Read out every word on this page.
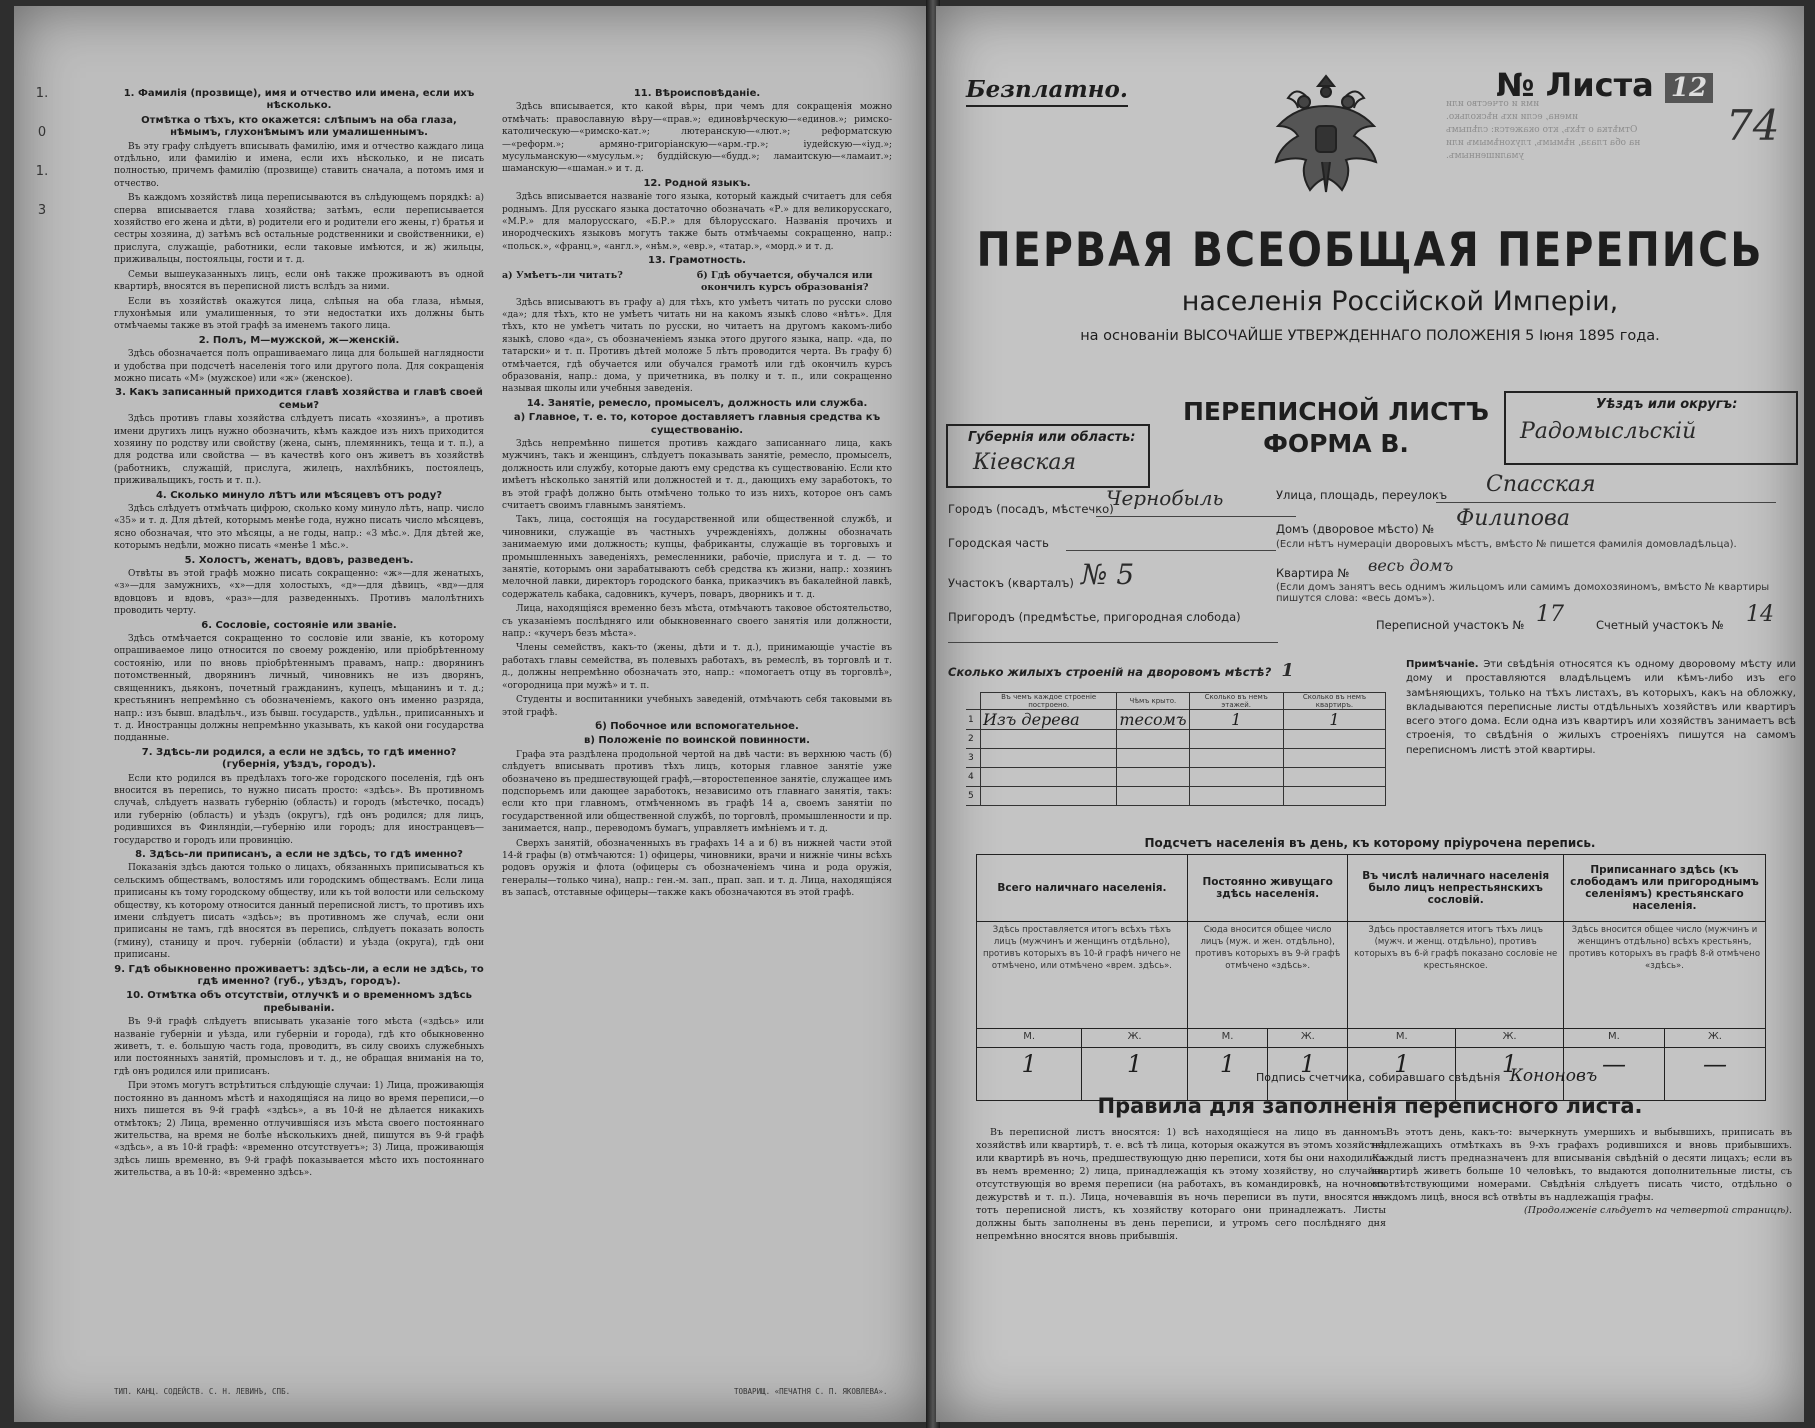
1.
0
1.
3
1. Фамилія (прозвище), имя и отчество или имена, если ихъ нѣсколько.
Отмѣтка о тѣхъ, кто окажется: слѣпымъ на оба глаза, нѣмымъ, глухонѣмымъ или умалишеннымъ.

Въ эту графу слѣдуетъ вписывать фамилію, имя и отчество каждаго лица отдѣльно, или фамилію и имена, если ихъ нѣсколько, и не писать полностью, причемъ фамилію (прозвище) ставить сначала, а потомъ имя и отчество.

Въ каждомъ хозяйствѣ лица переписываются въ слѣдующемъ порядкѣ: а) сперва вписывается глава хозяйства; затѣмъ, если переписывается хозяйство его жена и дѣти, в) родители его и родители его жены, г) братья и сестры хозяина, д) затѣмъ всѣ остальные родственники и свойственники, е) прислуга, служащіе, работники, если таковые имѣются, и ж) жильцы, приживальцы, постояльцы, гости и т. д.

Семьи вышеуказанныхъ лицъ, если онѣ также проживаютъ въ одной квартирѣ, вносятся въ переписной листъ вслѣдъ за ними.

Если въ хозяйствѣ окажутся лица, слѣпыя на оба глаза, нѣмыя, глухонѣмыя или умалишенныя, то эти недостатки ихъ должны быть отмѣчаемы также въ этой графѣ за именемъ такого лица.

2. Полъ, М—мужской, ж—женскій.

Здѣсь обозначается полъ опрашиваемаго лица для большей наглядности и удобства при подсчетѣ населенія того или другого пола. Для сокращенія можно писать «М» (мужское) или «ж» (женское).

3. Какъ записанный приходится главѣ хозяйства и главѣ своей семьи?

Здѣсь противъ главы хозяйства слѣдуетъ писать «хозяинъ», а противъ имени другихъ лицъ нужно обозначить, кѣмъ каждое изъ нихъ приходится хозяину по родству или свойству (жена, сынъ, племянникъ, теща и т. п.), а для родства или свойства — въ качествѣ кого онъ живетъ въ хозяйствѣ (работникъ, служащій, прислуга, жилецъ, нахлѣбникъ, постоялецъ, приживальщикъ, гость и т. п.).

4. Сколько минуло лѣтъ или мѣсяцевъ отъ роду?

Здѣсь слѣдуетъ отмѣчать цифрою, сколько кому минуло лѣтъ, напр. число «35» и т. д. Для дѣтей, которымъ менѣе года, нужно писать число мѣсяцевъ, ясно обозначая, что это мѣсяцы, а не годы, напр.: «3 мѣс.». Для дѣтей же, которымъ недѣли, можно писать «менѣе 1 мѣс.».

5. Холостъ, женатъ, вдовъ, разведенъ.

Отвѣты въ этой графѣ можно писать сокращенно: «ж»—для женатыхъ, «з»—для замужнихъ, «х»—для холостыхъ, «д»—для дѣвицъ, «вд»—для вдовцовъ и вдовъ, «раз»—для разведенныхъ. Противъ малолѣтнихъ проводить черту.

6. Сословіе, состояніе или званіе.

Здѣсь отмѣчается сокращенно то сословіе или званіе, къ которому опрашиваемое лицо относится по своему рожденію, или пріобрѣтенному состоянію, или по вновь пріобрѣтеннымъ правамъ, напр.: дворянинъ потомственный, дворянинъ личный, чиновникъ не изъ дворянъ, священникъ, дьяконъ, почетный гражданинъ, купецъ, мѣщанинъ и т. д.; крестьянинъ непремѣнно съ обозначеніемъ, какого онъ именно разряда, напр.: изъ бывш. владѣльч., изъ бывш. государств., удѣльн., приписанныхъ и т. д. Иностранцы должны непремѣнно указывать, къ какой они государства подданные.

7. Здѣсь-ли родился, а если не здѣсь, то гдѣ именно? (губернія, уѣздъ, городъ).

Если кто родился въ предѣлахъ того-же городского поселенія, гдѣ онъ вносится въ перепись, то нужно писать просто: «здѣсь». Въ противномъ случаѣ, слѣдуетъ назвать губернію (область) и городъ (мѣстечко, посадъ) или губернію (область) и уѣздъ (округъ), гдѣ онъ родился; для лицъ, родившихся въ Финляндіи,—губернію или городъ; для иностранцевъ—государство и городъ или провинцію.

8. Здѣсь-ли приписанъ, а если не здѣсь, то гдѣ именно?

Показанія здѣсь даются только о лицахъ, обязанныхъ приписываться къ сельскимъ обществамъ, волостямъ или городскимъ обществамъ. Если лица приписаны къ тому городскому обществу, или къ той волости или сельскому обществу, къ которому относится данный переписной листъ, то противъ ихъ имени слѣдуетъ писать «здѣсь»; въ противномъ же случаѣ, если они приписаны не тамъ, гдѣ вносятся въ перепись, слѣдуетъ показать волость (гмину), станицу и проч. губерніи (области) и уѣзда (округа), гдѣ они приписаны.

9. Гдѣ обыкновенно проживаетъ: здѣсь-ли, а если не здѣсь, то гдѣ именно? (губ., уѣздъ, городъ).
10. Отмѣтка объ отсутствіи, отлучкѣ и о временномъ здѣсь пребываніи.

Въ 9-й графѣ слѣдуетъ вписывать указаніе того мѣста («здѣсь» или названіе губерніи и уѣзда, или губерніи и города), гдѣ кто обыкновенно живетъ, т. е. большую часть года, проводитъ, въ силу своихъ служебныхъ или постоянныхъ занятій, промысловъ и т. д., не обращая вниманія на то, гдѣ онъ родился или приписанъ.

При этомъ могутъ встрѣтиться слѣдующіе случаи: 1) Лица, проживающія постоянно въ данномъ мѣстѣ и находящіяся на лицо во время переписи,—о нихъ пишется въ 9-й графѣ «здѣсь», а въ 10-й не дѣлается никакихъ отмѣтокъ; 2) Лица, временно отлучившіяся изъ мѣста своего постояннаго жительства, на время не болѣе нѣсколькихъ дней, пишутся въ 9-й графѣ «здѣсь», а въ 10-й графѣ: «временно отсутствуетъ»; 3) Лица, проживающія здѣсь лишь временно, въ 9-й графѣ показывается мѣсто ихъ постояннаго жительства, а въ 10-й: «временно здѣсь».

11. Вѣроисповѣданіе.

Здѣсь вписывается, кто какой вѣры, при чемъ для сокращенія можно отмѣчать: православную вѣру—«прав.»; единовѣрческую—«единов.»; римско-католическую—«римско-кат.»; лютеранскую—«лют.»; реформатскую—«реформ.»; армяно-григоріанскую—«арм.-гр.»; іудейскую—«іуд.»; мусульманскую—«мусульм.»; буддійскую—«будд.»; ламаитскую—«ламаит.»; шаманскую—«шаман.» и т. д.

12. Родной языкъ.

Здѣсь вписывается названіе того языка, который каждый считаетъ для себя роднымъ. Для русскаго языка достаточно обозначать «Р.» для великорусскаго, «М.Р.» для малорусскаго, «Б.Р.» для бѣлорусскаго. Названія прочихъ и инородческихъ языковъ могутъ также быть отмѣчаемы сокращенно, напр.: «польск.», «франц.», «англ.», «нѣм.», «евр.», «татар.», «морд.» и т. д.

13. Грамотность.
а) Умѣетъ-ли читать?	б) Гдѣ обучается, обучался или окончилъ курсъ образованія?

Здѣсь вписываютъ въ графу а) для тѣхъ, кто умѣетъ читать по русски слово «да»; для тѣхъ, кто не умѣетъ читать ни на какомъ языкѣ слово «нѣтъ». Для тѣхъ, кто не умѣетъ читать по русски, но читаетъ на другомъ какомъ-либо языкѣ, слово «да», съ обозначеніемъ языка этого другого языка, напр. «да, по татарски» и т. п. Противъ дѣтей моложе 5 лѣтъ проводится черта. Въ графу б) отмѣчается, гдѣ обучается или обучался грамотѣ или гдѣ окончилъ курсъ образованія, напр.: дома, у причетника, въ полку и т. п., или сокращенно называя школы или учебныя заведенія.

14. Занятіе, ремесло, промыселъ, должность или служба.
а) Главное, т. е. то, которое доставляетъ главныя средства къ существованію.

Здѣсь непремѣнно пишется противъ каждаго записаннаго лица, какъ мужчинъ, такъ и женщинъ, слѣдуетъ показывать занятіе, ремесло, промыселъ, должность или службу, которые даютъ ему средства къ существованію. Если кто имѣетъ нѣсколько занятій или должностей и т. д., дающихъ ему заработокъ, то въ этой графѣ должно быть отмѣчено только то изъ нихъ, которое онъ самъ считаетъ своимъ главнымъ занятіемъ.

Такъ, лица, состоящія на государственной или общественной службѣ, и чиновники, служащіе въ частныхъ учрежденіяхъ, должны обозначать занимаемую ими должность; купцы, фабриканты, служащіе въ торговыхъ и промышленныхъ заведеніяхъ, ремесленники, рабочіе, прислуга и т. д. — то занятіе, которымъ они зарабатываютъ себѣ средства къ жизни, напр.: хозяинъ мелочной лавки, директоръ городского банка, приказчикъ въ бакалейной лавкѣ, содержатель кабака, садовникъ, кучеръ, поваръ, дворникъ и т. д.

Лица, находящіяся временно безъ мѣста, отмѣчаютъ таковое обстоятельство, съ указаніемъ послѣдняго или обыкновеннаго своего занятія или должности, напр.: «кучеръ безъ мѣста».

Члены семействъ, какъ-то (жены, дѣти и т. д.), принимающіе участіе въ работахъ главы семейства, въ полевыхъ работахъ, въ ремеслѣ, въ торговлѣ и т. д., должны непремѣнно обозначать это, напр.: «помогаетъ отцу въ торговлѣ», «огородница при мужѣ» и т. п.

Студенты и воспитанники учебныхъ заведеній, отмѣчаютъ себя таковыми въ этой графѣ.

б) Побочное или вспомогательное.
в) Положеніе по воинской повинности.

Графа эта раздѣлена продольной чертой на двѣ части: въ верхнюю часть (б) слѣдуетъ вписывать противъ тѣхъ лицъ, которыя главное занятіе уже обозначено въ предшествующей графѣ,—второстепенное занятіе, служащее имъ подспорьемъ или дающее заработокъ, независимо отъ главнаго занятія, такъ: если кто при главномъ, отмѣченномъ въ графѣ 14 а, своемъ занятіи по государственной или общественной службѣ, по торговлѣ, промышленности и пр. занимается, напр., переводомъ бумагъ, управляетъ имѣніемъ и т. д.

Сверхъ занятій, обозначенныхъ въ графахъ 14 а и б) въ нижней части этой 14-й графы (в) отмѣчаются: 1) офицеры, чиновники, врачи и нижніе чины всѣхъ родовъ оружія и флота (офицеры съ обозначеніемъ чина и рода оружія, генералы—только чина), напр.: ген.-м. зап., прап. зап. и т. д. Лица, находящіяся въ запасѣ, отставные офицеры—также какъ обозначаются въ этой графѣ.

ТИП. КАНЦ. СОДЕЙСТВ. С. Н. ЛЕВИНЪ, СПБ.	ТОВАРИЩ. «ПЕЧАТНЯ С. П. ЯКОВЛЕВА».
Безплатно.
имя и отчество или
имена, если ихъ нѣсколько.
Отмѣтка о тѣхъ, кто окажется: слѣпымъ
на оба глаза, нѣмымъ, глухонѣмымъ или
умалишеннымъ.
№ Листа 12
74
ПЕРВАЯ ВСЕОБЩАЯ ПЕРЕПИСЬ
населенія Россійской Имперіи,
на основаніи ВЫСОЧАЙШЕ УТВЕРЖДЕННАГО ПОЛОЖЕНІЯ 5 Іюня 1895 года.
Губернія или область:
Кіевская
ПЕРЕПИСНОЙ ЛИСТЪ
ФОРМА В.
Уѣздъ или округъ:
Радомысльскій
Городъ (посадъ, мѣстечко)
Чернобыль	Улица, площадь, переулокъ Спасская
Домъ (дворовое мѣсто) № Филипова
(Если нѣтъ нумераціи дворовыхъ мѣстъ, вмѣсто № пишется фамилія домовладѣльца).
Городская часть
Квартира № весь домъ
(Если домъ занятъ весь однимъ жильцомъ или самимъ домохозяиномъ, вмѣсто № квартиры пишутся слова: «весь домъ»).
Участокъ (кварталъ) № 5
Пригородъ (предмѣстье, пригородная слобода)
Переписной участокъ № 17	Счетный участокъ № 14
Сколько жилыхъ строеній на дворовомъ мѣстѣ? 1
	Въ чемъ каждое строеніе построено.	Чѣмъ крыто.	Сколько въ немъ этажей.	Сколько въ немъ квартиръ.
1	Изъ дерева	тесомъ	1	1
2				
3				
4				
5				
Примѣчаніе. Эти свѣдѣнія относятся къ одному дворовому мѣсту или дому и проставляются владѣльцемъ или кѣмъ-либо изъ его замѣняющихъ, только на тѣхъ листахъ, въ которыхъ, какъ на обложку, вкладываются переписные листы отдѣльныхъ хозяйствъ или квартиръ всего этого дома. Если одна изъ квартиръ или хозяйствъ занимаетъ всѣ строенія, то свѣдѣнія о жилыхъ строеніяхъ пишутся на самомъ переписномъ листѣ этой квартиры.
Подсчетъ населенія въ день, къ которому пріурочена перепись.
Всего наличнаго населенія.		Постоянно живущаго здѣсь населенія.		Въ числѣ наличнаго населенія было лицъ непрестьянскихъ сословій.		Приписаннаго здѣсь (къ слободамъ или пригороднымъ селеніямъ) крестьянскаго населенія.	
Здѣсь проставляется итогъ всѣхъ тѣхъ лицъ (мужчинъ и женщинъ отдѣльно), противъ которыхъ въ 10-й графѣ ничего не отмѣчено, или отмѣчено «врем. здѣсь».		Сюда вносится общее число лицъ (муж. и жен. отдѣльно), противъ которыхъ въ 9-й графѣ отмѣчено «здѣсь».		Здѣсь проставляется итогъ тѣхъ лицъ (мужч. и женщ. отдѣльно), противъ которыхъ въ 6-й графѣ показано сословіе не крестьянское.		Здѣсь вносится общее число (мужчинъ и женщинъ отдѣльно) всѣхъ крестьянъ, противъ которыхъ въ графѣ 8-й отмѣчено «здѣсь».	
М.	Ж.	М.	Ж.	М.	Ж.	М.	Ж.
1	1	1	1	1	1	—	—
Подпись счетчика, собиравшаго свѣдѣнія Кононовъ
Правила для заполненія переписного листа.

Въ переписной листъ вносятся: 1) всѣ находящіеся на лицо въ данномъ хозяйствѣ или квартирѣ, т. е. всѣ тѣ лица, которыя окажутся въ этомъ хозяйствѣ или квартирѣ въ ночь, предшествующую дню переписи, хотя бы они находились въ немъ временно; 2) лица, принадлежащія къ этому хозяйству, но случайно отсутствующія во время переписи (на работахъ, въ командировкѣ, на ночномъ дежурствѣ и т. п.). Лица, ночевавшія въ ночь переписи въ пути, вносятся въ тотъ переписной листъ, къ хозяйству котораго они принадлежатъ. Листы должны быть заполнены въ день переписи, и утромъ сего послѣдняго дня непремѣнно вносятся вновь прибывшія.

Въ этотъ день, какъ-то: вычеркнуть умершихъ и выбывшихъ, приписать въ надлежащихъ отмѣткахъ въ 9-хъ графахъ родившихся и вновь прибывшихъ. Каждый листъ предназначенъ для вписыванія свѣдѣній о десяти лицахъ; если въ квартирѣ живетъ больше 10 человѣкъ, то выдаются дополнительные листы, съ соотвѣтствующими номерами. Свѣдѣнія слѣдуетъ писать чисто, отдѣльно о каждомъ лицѣ, внося всѣ отвѣты въ надлежащія графы.

(Продолженіе слѣдуетъ на четвертой страницѣ).
